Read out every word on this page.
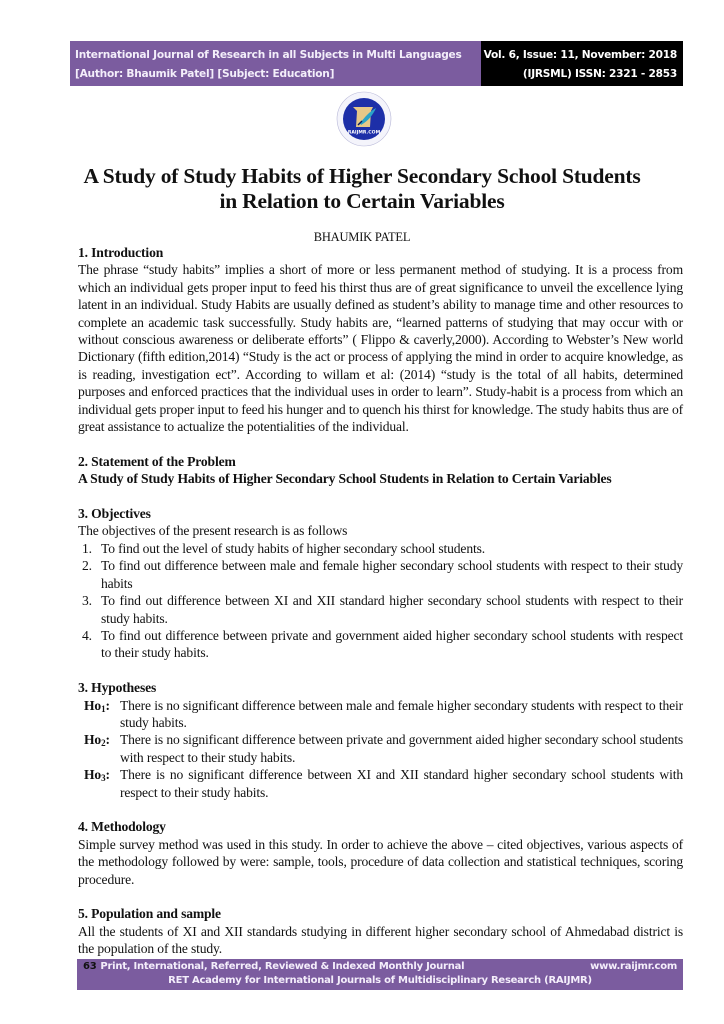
International Journal of Research in all Subjects in Multi Languages
[Author: Bhaumik Patel] [Subject: Education]
Vol. 6, Issue: 11, November: 2018
(IJRSML) ISSN: 2321 - 2853
RAIJMR.COM
A Study of Study Habits of Higher Secondary School Students
in Relation to Certain Variables
BHAUMIK PATEL

1. Introduction

The phrase “study habits” implies a short of more or less permanent method of studying. It is a process from which an individual gets proper input to feed his thirst thus are of great significance to unveil the excellence lying latent in an individual. Study Habits are usually defined as student’s ability to manage time and other resources to complete an academic task successfully. Study habits are, “learned patterns of studying that may occur with or without conscious awareness or deliberate efforts” ( Flippo & caverly,2000). According to Webster’s New world Dictionary (fifth edition,2014) “Study is the act or process of applying the mind in order to acquire knowledge, as is reading, investigation ect”. According to willam et al: (2014) “study is the total of all habits, determined purposes and enforced practices that the individual uses in order to learn”. Study-habit is a process from which an individual gets proper input to feed his hunger and to quench his thirst for knowledge. The study habits thus are of great assistance to actualize the potentialities of the individual.

2. Statement of the Problem

A Study of Study Habits of Higher Secondary School Students in Relation to Certain Variables

3. Objectives

The objectives of the present research is as follows

1. To find out the level of study habits of higher secondary school students.
2. To find out difference between male and female higher secondary school students with respect to their study habits
3. To find out difference between XI and XII standard higher secondary school students with respect to their study habits.
4. To find out difference between private and government aided higher secondary school students with respect to their study habits.

3. Hypotheses

$Ho_1$: There is no significant difference between male and female higher secondary students with respect to their study habits.
$Ho_2$: There is no significant difference between private and government aided higher secondary school students with respect to their study habits.
$Ho_3$: There is no significant difference between XI and XII standard higher secondary school students with respect to their study habits.

4. Methodology

Simple survey method was used in this study. In order to achieve the above – cited objectives, various aspects of the methodology followed by were: sample, tools, procedure of data collection and statistical techniques, scoring procedure.

5. Population and sample

All the students of XI and XII standards studying in different higher secondary school of Ahmedabad district is the population of the study.

63 Print, International, Referred, Reviewed & Indexed Monthly Journal	www.raijmr.com
RET Academy for International Journals of Multidisciplinary Research (RAIJMR)
